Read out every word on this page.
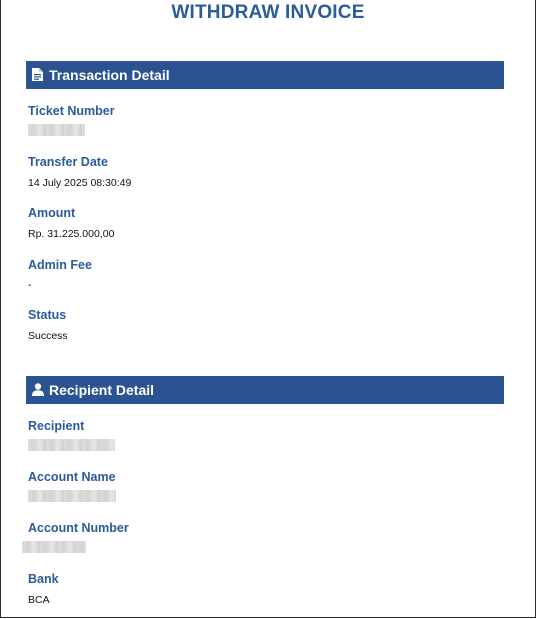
WITHDRAW INVOICE
Transaction Detail
Ticket Number
Transfer Date
14 July 2025 08:30:49
Amount
Rp. 31.225.000,00
Admin Fee
-
Status
Success
Recipient Detail
Recipient
Account Name
Account Number
Bank
BCA
